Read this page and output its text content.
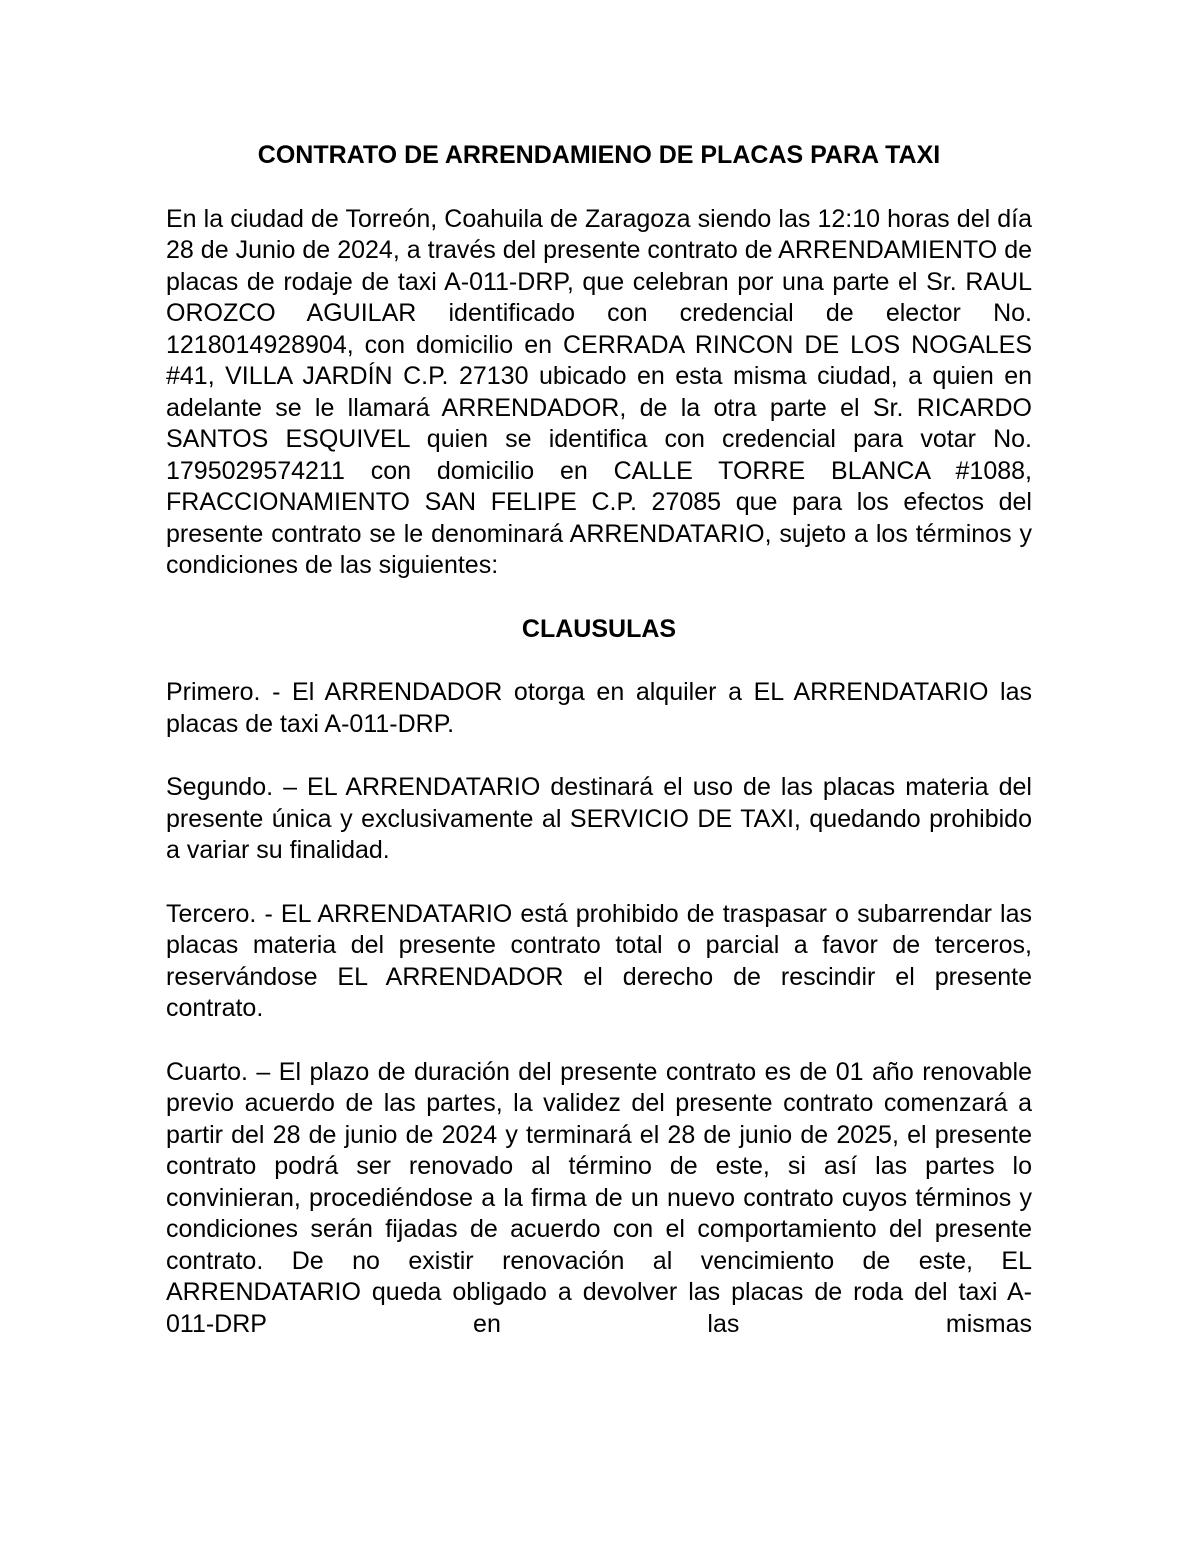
CONTRATO DE ARRENDAMIENO DE PLACAS PARA TAXI

En la ciudad de Torreón, Coahuila de Zaragoza siendo las 12:10 horas del día 28 de Junio de 2024, a través del presente contrato de ARRENDAMIENTO de placas de rodaje de taxi A-011-DRP, que celebran por una parte el Sr. RAUL OROZCO AGUILAR identificado con credencial de elector No. 1218014928904, con domicilio en CERRADA RINCON DE LOS NOGALES #41, VILLA JARDÍN C.P. 27130 ubicado en esta misma ciudad, a quien en adelante se le llamará ARRENDADOR, de la otra parte el Sr. RICARDO SANTOS ESQUIVEL quien se identifica con credencial para votar No. 1795029574211 con domicilio en CALLE TORRE BLANCA #1088, FRACCIONAMIENTO SAN FELIPE C.P. 27085 que para los efectos del presente contrato se le denominará ARRENDATARIO, sujeto a los términos y condiciones de las siguientes:

CLAUSULAS

Primero. - El ARRENDADOR otorga en alquiler a EL ARRENDATARIO las placas de taxi A-011-DRP.

Segundo. – EL ARRENDATARIO destinará el uso de las placas materia del presente única y exclusivamente al SERVICIO DE TAXI, quedando prohibido a variar su finalidad.

Tercero. - EL ARRENDATARIO está prohibido de traspasar o subarrendar las placas materia del presente contrato total o parcial a favor de terceros, reservándose EL ARRENDADOR el derecho de rescindir el presente contrato.

Cuarto. – El plazo de duración del presente contrato es de 01 año renovable previo acuerdo de las partes, la validez del presente contrato comenzará a partir del 28 de junio de 2024 y terminará el 28 de junio de 2025, el presente contrato podrá ser renovado al término de este, si así las partes lo convinieran, procediéndose a la firma de un nuevo contrato cuyos términos y condiciones serán fijadas de acuerdo con el comportamiento del presente contrato. De no existir renovación al vencimiento de este, EL ARRENDATARIO queda obligado a devolver las placas de roda del taxi A-011-DRP en las mismas
